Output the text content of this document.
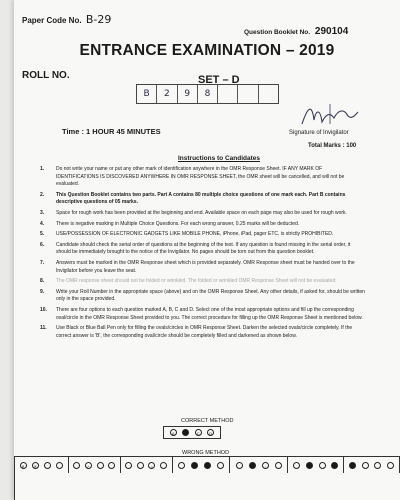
Paper Code No. B-29
Question Booklet No. 290104
ENTRANCE EXAMINATION – 2019
ROLL NO.	SET – D
B	2	9	8
Time : 1 HOUR 45 MINUTES	Signature of Invigilator
Total Marks : 100
Instructions to Candidates
1.	Do not write your name or put any other mark of identification anywhere in the OMR Response Sheet. IF ANY MARK OF IDENTIFICATIONS IS DISCOVERED ANYWHERE IN OMR RESPONSE SHEET, the OMR sheet will be cancelled, and will not be evaluated.
2.	This Question Booklet contains two parts. Part A contains 80 multiple choice questions of one mark each. Part B contains descriptive questions of 05 marks.
3.	Space for rough work has been provided at the beginning and end. Available space on each page may also be used for rough work.
4.	There is negative marking in Multiple Choice Questions. For each wrong answer, 0.25 marks will be deducted.
5.	USE/POSSESSION OF ELECTRONIC GADGETS LIKE MOBILE PHONE, iPhone, iPad, pager ETC. is strictly PROHIBITED.
6.	Candidate should check the serial order of questions at the beginning of the test. If any question is found missing in the serial order, it should be immediately brought to the notice of the Invigilator. No pages should be torn out from this question booklet.
7.	Answers must be marked in the OMR Response sheet which is provided separately. OMR Response sheet must be handed over to the Invigilator before you leave the seat.
8.	The OMR response sheet should not be folded or wrinkled. The folded or wrinkled OMR Response Sheet will not be evaluated.
9.	Write your Roll Number in the appropriate space (above) and on the OMR Response Sheet. Any other details, if asked for, should be written only in the space provided.
10.	There are four options to each question marked A, B, C and D. Select one of the most appropriate options and fill up the corresponding oval/circle in the OMR Response Sheet provided to you. The correct procedure for filling up the OMR Response Sheet is mentioned below.
11.	Use Black or Blue Ball Pen only for filling the ovals/circles in OMR Response Sheet. Darken the selected ovals/circle completely. If the correct answer is 'B', the corresponding oval/circle should be completely filled and darkened as shown below.
CORRECT METHOD
A	B	C	D
WRONG METHOD
✕	✕	✓	•	◦
